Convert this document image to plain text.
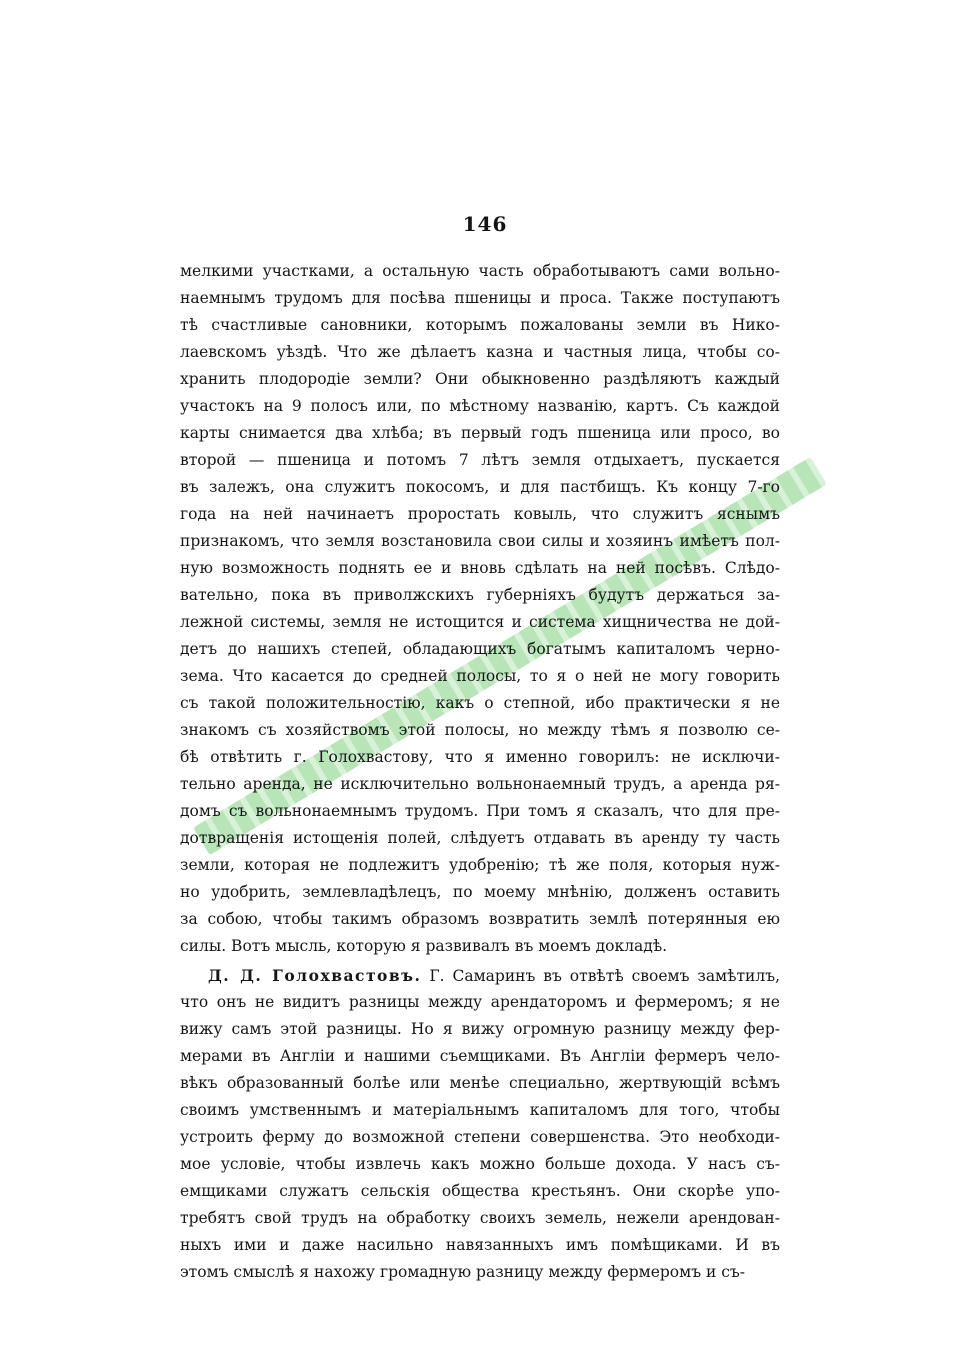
146
мелкими участками, а остальную часть обработываютъ сами вольно-
наемнымъ трудомъ для посѣва пшеницы и проса. Также поступаютъ
тѣ счастливые сановники, которымъ пожалованы земли въ Нико-
лаевскомъ уѣздѣ. Что же дѣлаетъ казна и частныя лица, чтобы со-
хранить плодородіе земли? Они обыкновенно раздѣляютъ каждый
участокъ на 9 полосъ или, по мѣстному названію, картъ. Съ каждой
карты снимается два хлѣба; въ первый годъ пшеница или просо, во
второй — пшеница и потомъ 7 лѣтъ земля отдыхаетъ, пускается
въ залежъ, она служитъ покосомъ, и для пастбищъ. Къ концу 7-го
года на ней начинаетъ проростать ковыль, что служитъ яснымъ
признакомъ, что земля возстановила свои силы и хозяинъ имѣетъ пол-
ную возможность поднять ее и вновь сдѣлать на ней посѣвъ. Слѣдо-
вательно, пока въ приволжскихъ губерніяхъ будутъ держаться за-
лежной системы, земля не истощится и система хищничества не дой-
детъ до нашихъ степей, обладающихъ богатымъ капиталомъ черно-
зема. Что касается до средней полосы, то я о ней не могу говорить
съ такой положительностію, какъ о степной, ибо практически я не
знакомъ съ хозяйствомъ этой полосы, но между тѣмъ я позволю се-
бѣ отвѣтить г. Голохвастову, что я именно говорилъ: не исключи-
тельно аренда, не исключительно вольнонаемный трудъ, а аренда ря-
домъ съ вольнонаемнымъ трудомъ. При томъ я сказалъ, что для пре-
дотвращенія истощенія полей, слѣдуетъ отдавать въ аренду ту часть
земли, которая не подлежитъ удобренію; тѣ же поля, которыя нуж-
но удобрить, землевладѣлецъ, по моему мнѣнію, долженъ оставить
за собою, чтобы такимъ образомъ возвратить землѣ потерянныя ею
силы. Вотъ мысль, которую я развивалъ въ моемъ докладѣ.
Д. Д. Голохвастовъ. Г. Самаринъ въ отвѣтѣ своемъ замѣтилъ,
что онъ не видитъ разницы между арендаторомъ и фермеромъ; я не
вижу самъ этой разницы. Но я вижу огромную разницу между фер-
мерами въ Англіи и нашими съемщиками. Въ Англіи фермеръ чело-
вѣкъ образованный болѣе или менѣе специально, жертвующій всѣмъ
своимъ умственнымъ и матеріальнымъ капиталомъ для того, чтобы
устроить ферму до возможной степени совершенства. Это необходи-
мое условіе, чтобы извлечь какъ можно больше дохода. У насъ съ-
емщиками служатъ сельскія общества крестьянъ. Они скорѣе упо-
требятъ свой трудъ на обработку своихъ земель, нежели арендован-
ныхъ ими и даже насильно навязанныхъ имъ помѣщиками. И въ
этомъ смыслѣ я нахожу громадную разницу между фермеромъ и съ-
